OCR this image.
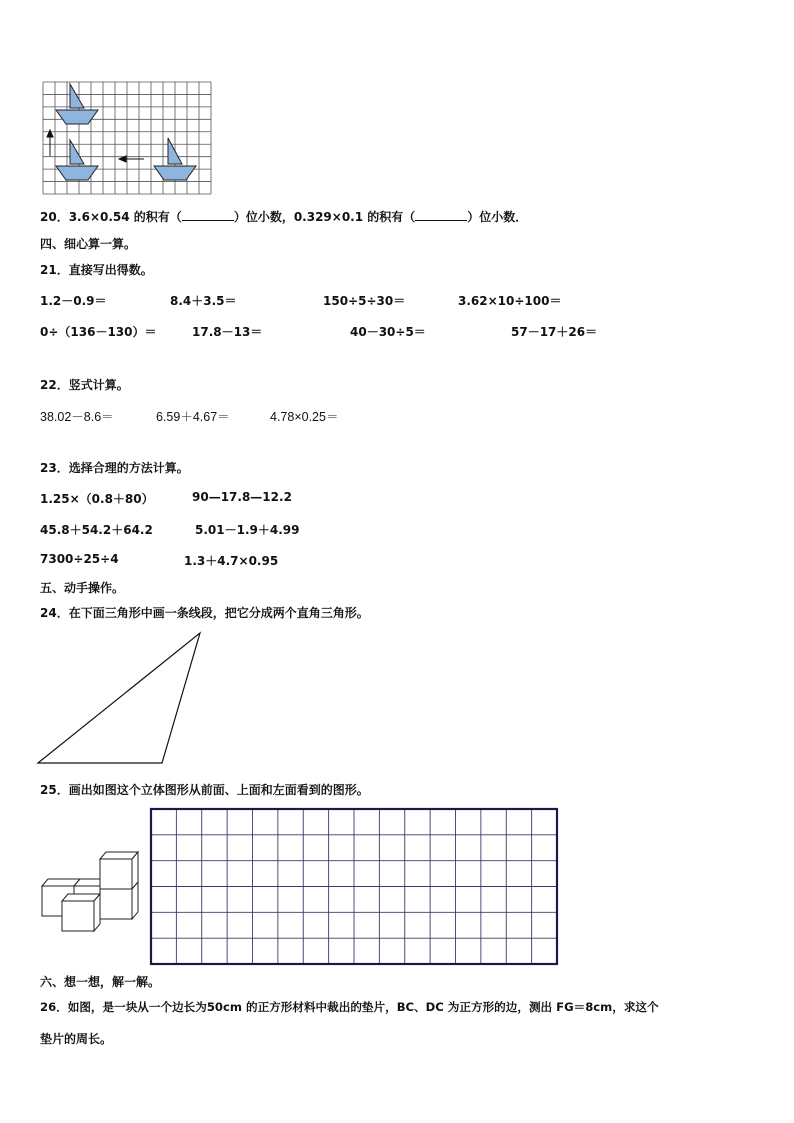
20．3.6×0.54 的积有（	）位小数，0.329×0.1 的积有（	）位小数．
四、细心算一算。
21．直接写出得数。
1.2－0.9＝	8.4＋3.5＝	150÷5÷30＝	3.62×10÷100＝
0÷（136－130）＝	17.8－13＝	40－30÷5＝	57－17＋26＝
22．竖式计算。
38.02－8.6＝	6.59＋4.67＝	4.78×0.25＝
23．选择合理的方法计算。
1.25×（0.8＋80）	90—17.8—12.2
45.8＋54.2＋64.2	5.01－1.9＋4.99
7300÷25÷4	1.3＋4.7×0.95
五、动手操作。
24．在下面三角形中画一条线段，把它分成两个直角三角形。
25．画出如图这个立体图形从前面、上面和左面看到的图形。
六、想一想，解一解。
26．如图，是一块从一个边长为50cm 的正方形材料中裁出的垫片，BC、DC 为正方形的边，测出 FG＝8cm，求这个
垫片的周长。
